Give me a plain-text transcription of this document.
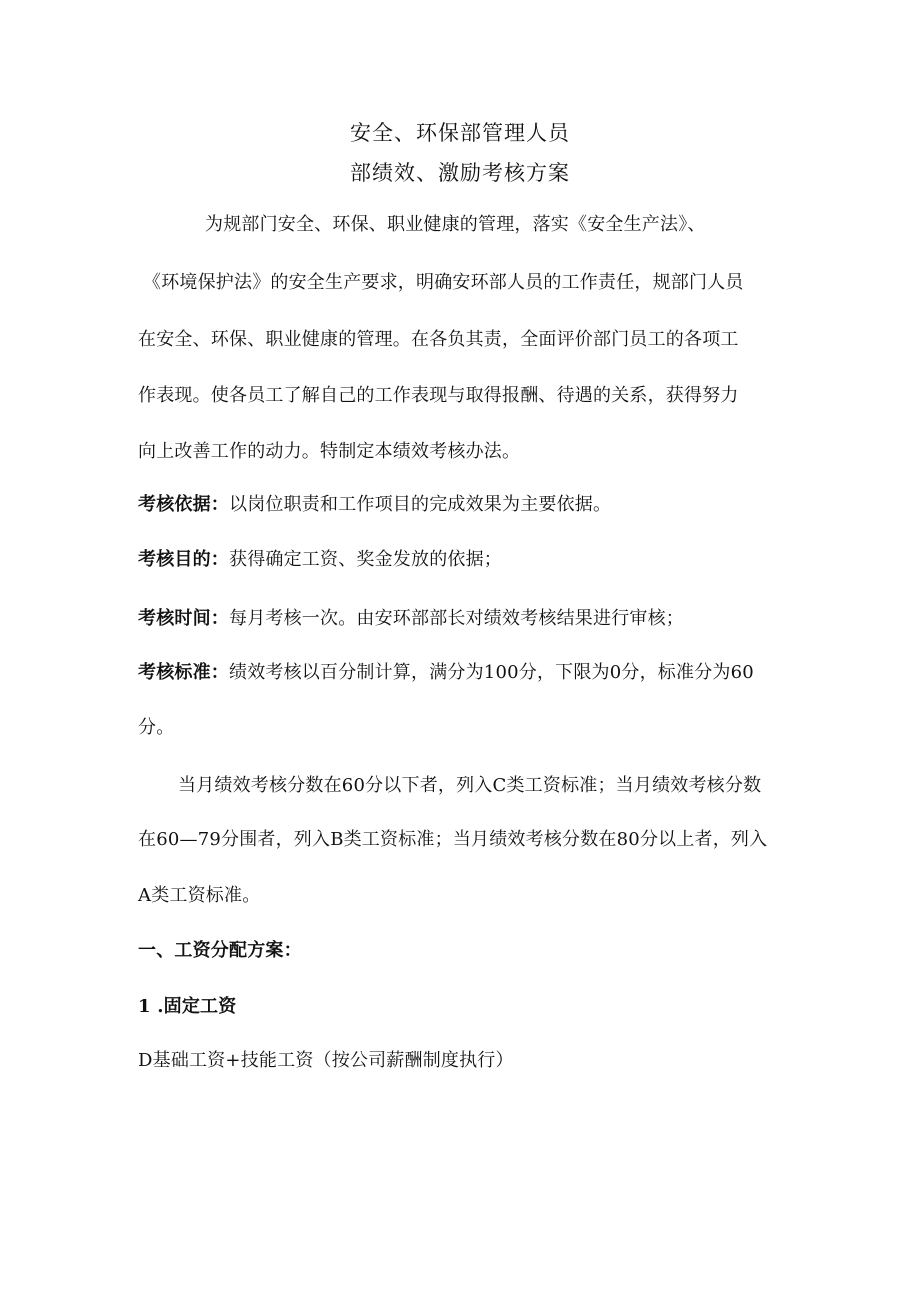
安全、环保部管理人员
部绩效、激励考核方案
为规部门安全、环保、职业健康的管理，落实《安全生产法》、
《环境保护法》的安全生产要求，明确安环部人员的工作责任，规部门人员
在安全、环保、职业健康的管理。在各负其责，全面评价部门员工的各项工
作表现。使各员工了解自己的工作表现与取得报酬、待遇的关系，获得努力
向上改善工作的动力。特制定本绩效考核办法。
考核依据：以岗位职责和工作项目的完成效果为主要依据。
考核目的：获得确定工资、奖金发放的依据；
考核时间：每月考核一次。由安环部部长对绩效考核结果进行审核；
考核标准：绩效考核以百分制计算，满分为100分，下限为0分，标准分为60
分。
当月绩效考核分数在60分以下者，列入C类工资标准；当月绩效考核分数
在60—79分围者，列入B类工资标准；当月绩效考核分数在80分以上者，列入
A类工资标准。
一、工资分配方案：
1 .固定工资
D基础工资+技能工资（按公司薪酬制度执行）
